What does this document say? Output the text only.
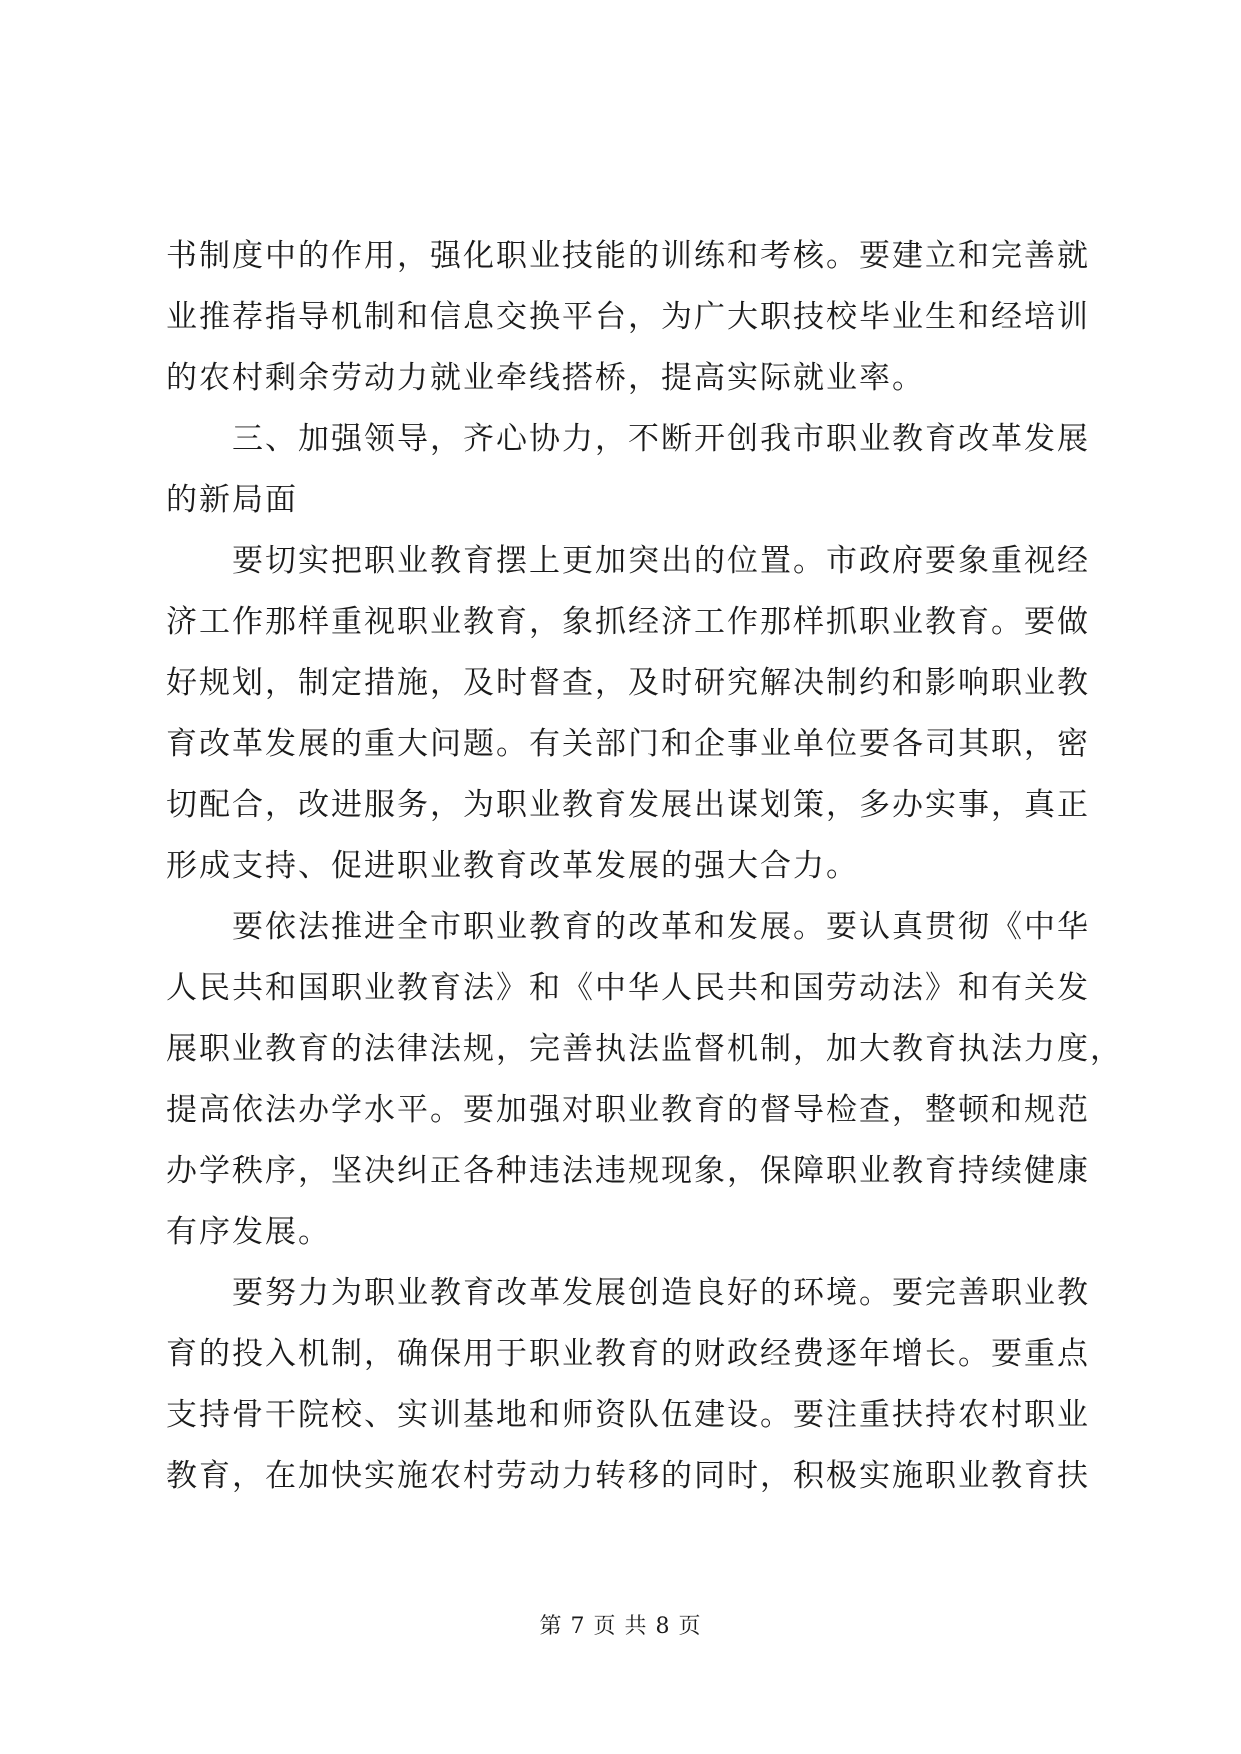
书制度中的作用，强化职业技能的训练和考核。要建立和完善就
业推荐指导机制和信息交换平台，为广大职技校毕业生和经培训
的农村剩余劳动力就业牵线搭桥，提高实际就业率。
三、加强领导，齐心协力，不断开创我市职业教育改革发展
的新局面
要切实把职业教育摆上更加突出的位置。市政府要象重视经
济工作那样重视职业教育，象抓经济工作那样抓职业教育。要做
好规划，制定措施，及时督查，及时研究解决制约和影响职业教
育改革发展的重大问题。有关部门和企事业单位要各司其职，密
切配合，改进服务，为职业教育发展出谋划策，多办实事，真正
形成支持、促进职业教育改革发展的强大合力。
要依法推进全市职业教育的改革和发展。要认真贯彻《中华
人民共和国职业教育法》和《中华人民共和国劳动法》和有关发
展职业教育的法律法规，完善执法监督机制，加大教育执法力度，
提高依法办学水平。要加强对职业教育的督导检查，整顿和规范
办学秩序，坚决纠正各种违法违规现象，保障职业教育持续健康
有序发展。
要努力为职业教育改革发展创造良好的环境。要完善职业教
育的投入机制，确保用于职业教育的财政经费逐年增长。要重点
支持骨干院校、实训基地和师资队伍建设。要注重扶持农村职业
教育，在加快实施农村劳动力转移的同时，积极实施职业教育扶
第 7 页 共 8 页
